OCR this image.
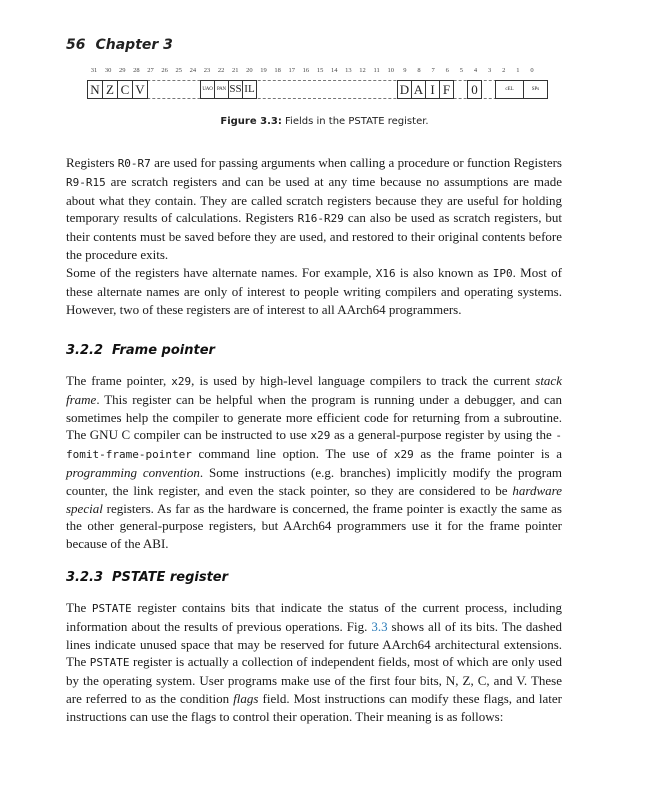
56 Chapter 3
31	30	29	28	27	26	25	24	23	22	21	20	19	18	17	16	15	14	13	12	11	10	9	8	7	6	5	4	3	2	1	0
N Z C V	UAO PAN SS IL	D A I F	0	cEL	SPs
Figure 3.3: Fields in the PSTATE register.

Registers R0-R7 are used for passing arguments when calling a procedure or function Registers R9-R15 are scratch registers and can be used at any time because no assumptions are made about what they contain. They are called scratch registers because they are useful for holding temporary results of calculations. Registers R16-R29 can also be used as scratch registers, but their contents must be saved before they are used, and restored to their original contents before the procedure exits.

Some of the registers have alternate names. For example, X16 is also known as IP0. Most of these alternate names are only of interest to people writing compilers and operating systems. However, two of these registers are of interest to all AArch64 programmers.

3.2.2 Frame pointer

The frame pointer, x29, is used by high-level language compilers to track the current stack frame. This register can be helpful when the program is running under a debugger, and can sometimes help the compiler to generate more efficient code for returning from a subroutine. The GNU C compiler can be instructed to use x29 as a general-purpose register by using the -fomit-frame-pointer command line option. The use of x29 as the frame pointer is a programming convention. Some instructions (e.g. branches) implicitly modify the program counter, the link register, and even the stack pointer, so they are considered to be hardware special registers. As far as the hardware is concerned, the frame pointer is exactly the same as the other general-purpose registers, but AArch64 programmers use it for the frame pointer because of the ABI.

3.2.3 PSTATE register

The PSTATE register contains bits that indicate the status of the current process, including information about the results of previous operations. Fig. 3.3 shows all of its bits. The dashed lines indicate unused space that may be reserved for future AArch64 architectural extensions. The PSTATE register is actually a collection of independent fields, most of which are only used by the operating system. User programs make use of the first four bits, N, Z, C, and V. These are referred to as the condition flags field. Most instructions can modify these flags, and later instructions can use the flags to control their operation. Their meaning is as follows:
